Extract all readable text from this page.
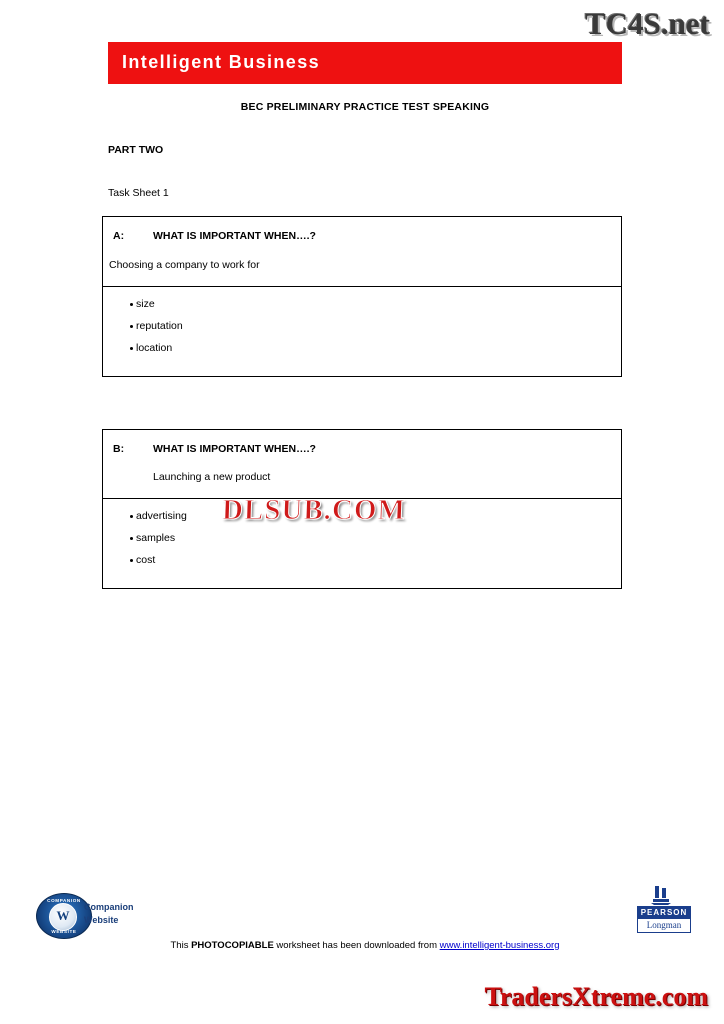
TC4S.net
Intelligent Business
BEC PRELIMINARY PRACTICE TEST SPEAKING
PART TWO
Task Sheet 1
A:	WHAT IS IMPORTANT WHEN….?
Choosing a company to work for
size
reputation
location
B:	WHAT IS IMPORTANT WHEN….?
Launching a new product
advertising
samples
cost
DLSUB.COM
COMPANION
W
WEBSITE
Companion
Website
PEARSON
Longman
This PHOTOCOPIABLE worksheet has been downloaded from www.intelligent-business.org
TradersXtreme.com
